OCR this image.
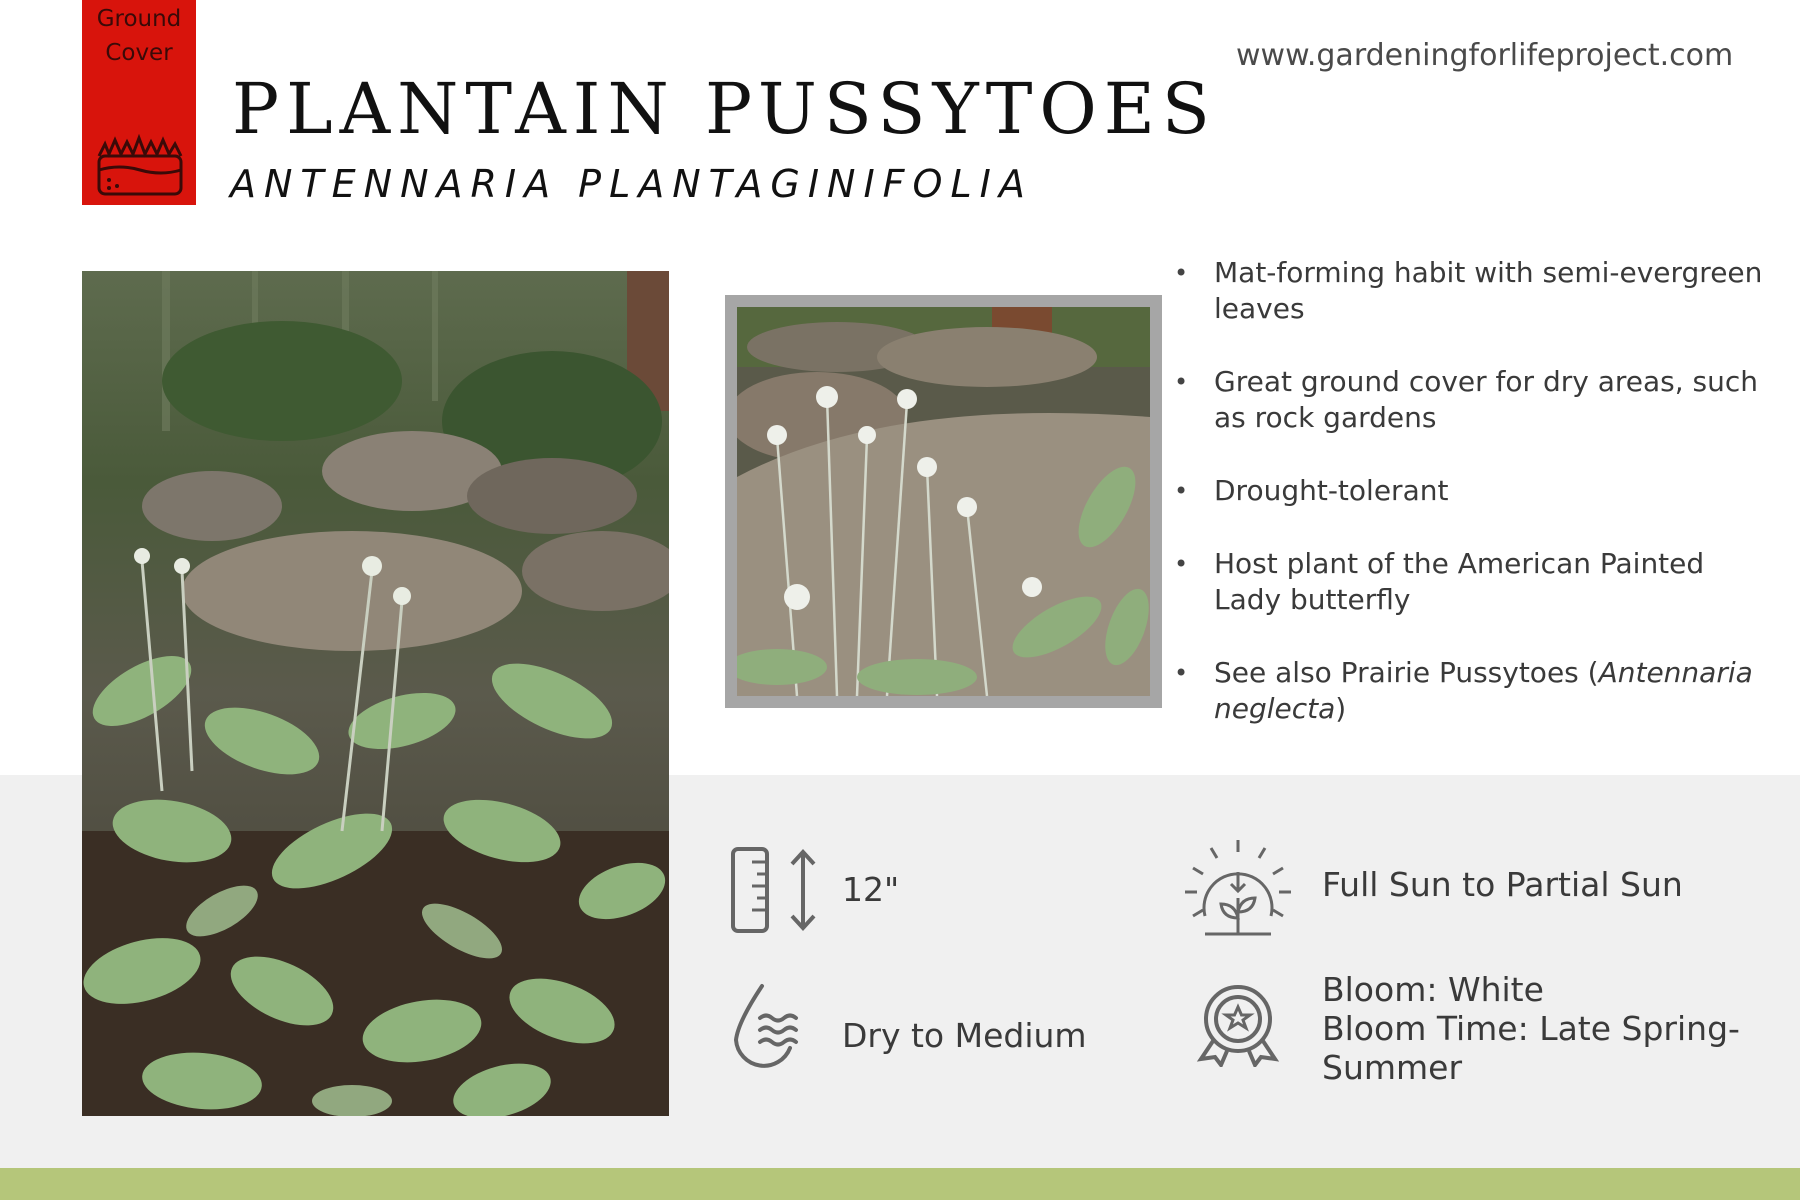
Ground
Cover
PLANTAIN PUSSYTOES
ANTENNARIA PLANTAGINIFOLIA
www.gardeningforlifeproject.com
• Mat-forming habit with semi-evergreen leaves
• Great ground cover for dry areas, such as rock gardens
• Drought-tolerant
• Host plant of the American Painted Lady butterfly
• See also Prairie Pussytoes (Antennaria neglecta)
12"	Full Sun to Partial Sun
Dry to Medium
Bloom: White
Bloom Time: Late Spring-
Summer
